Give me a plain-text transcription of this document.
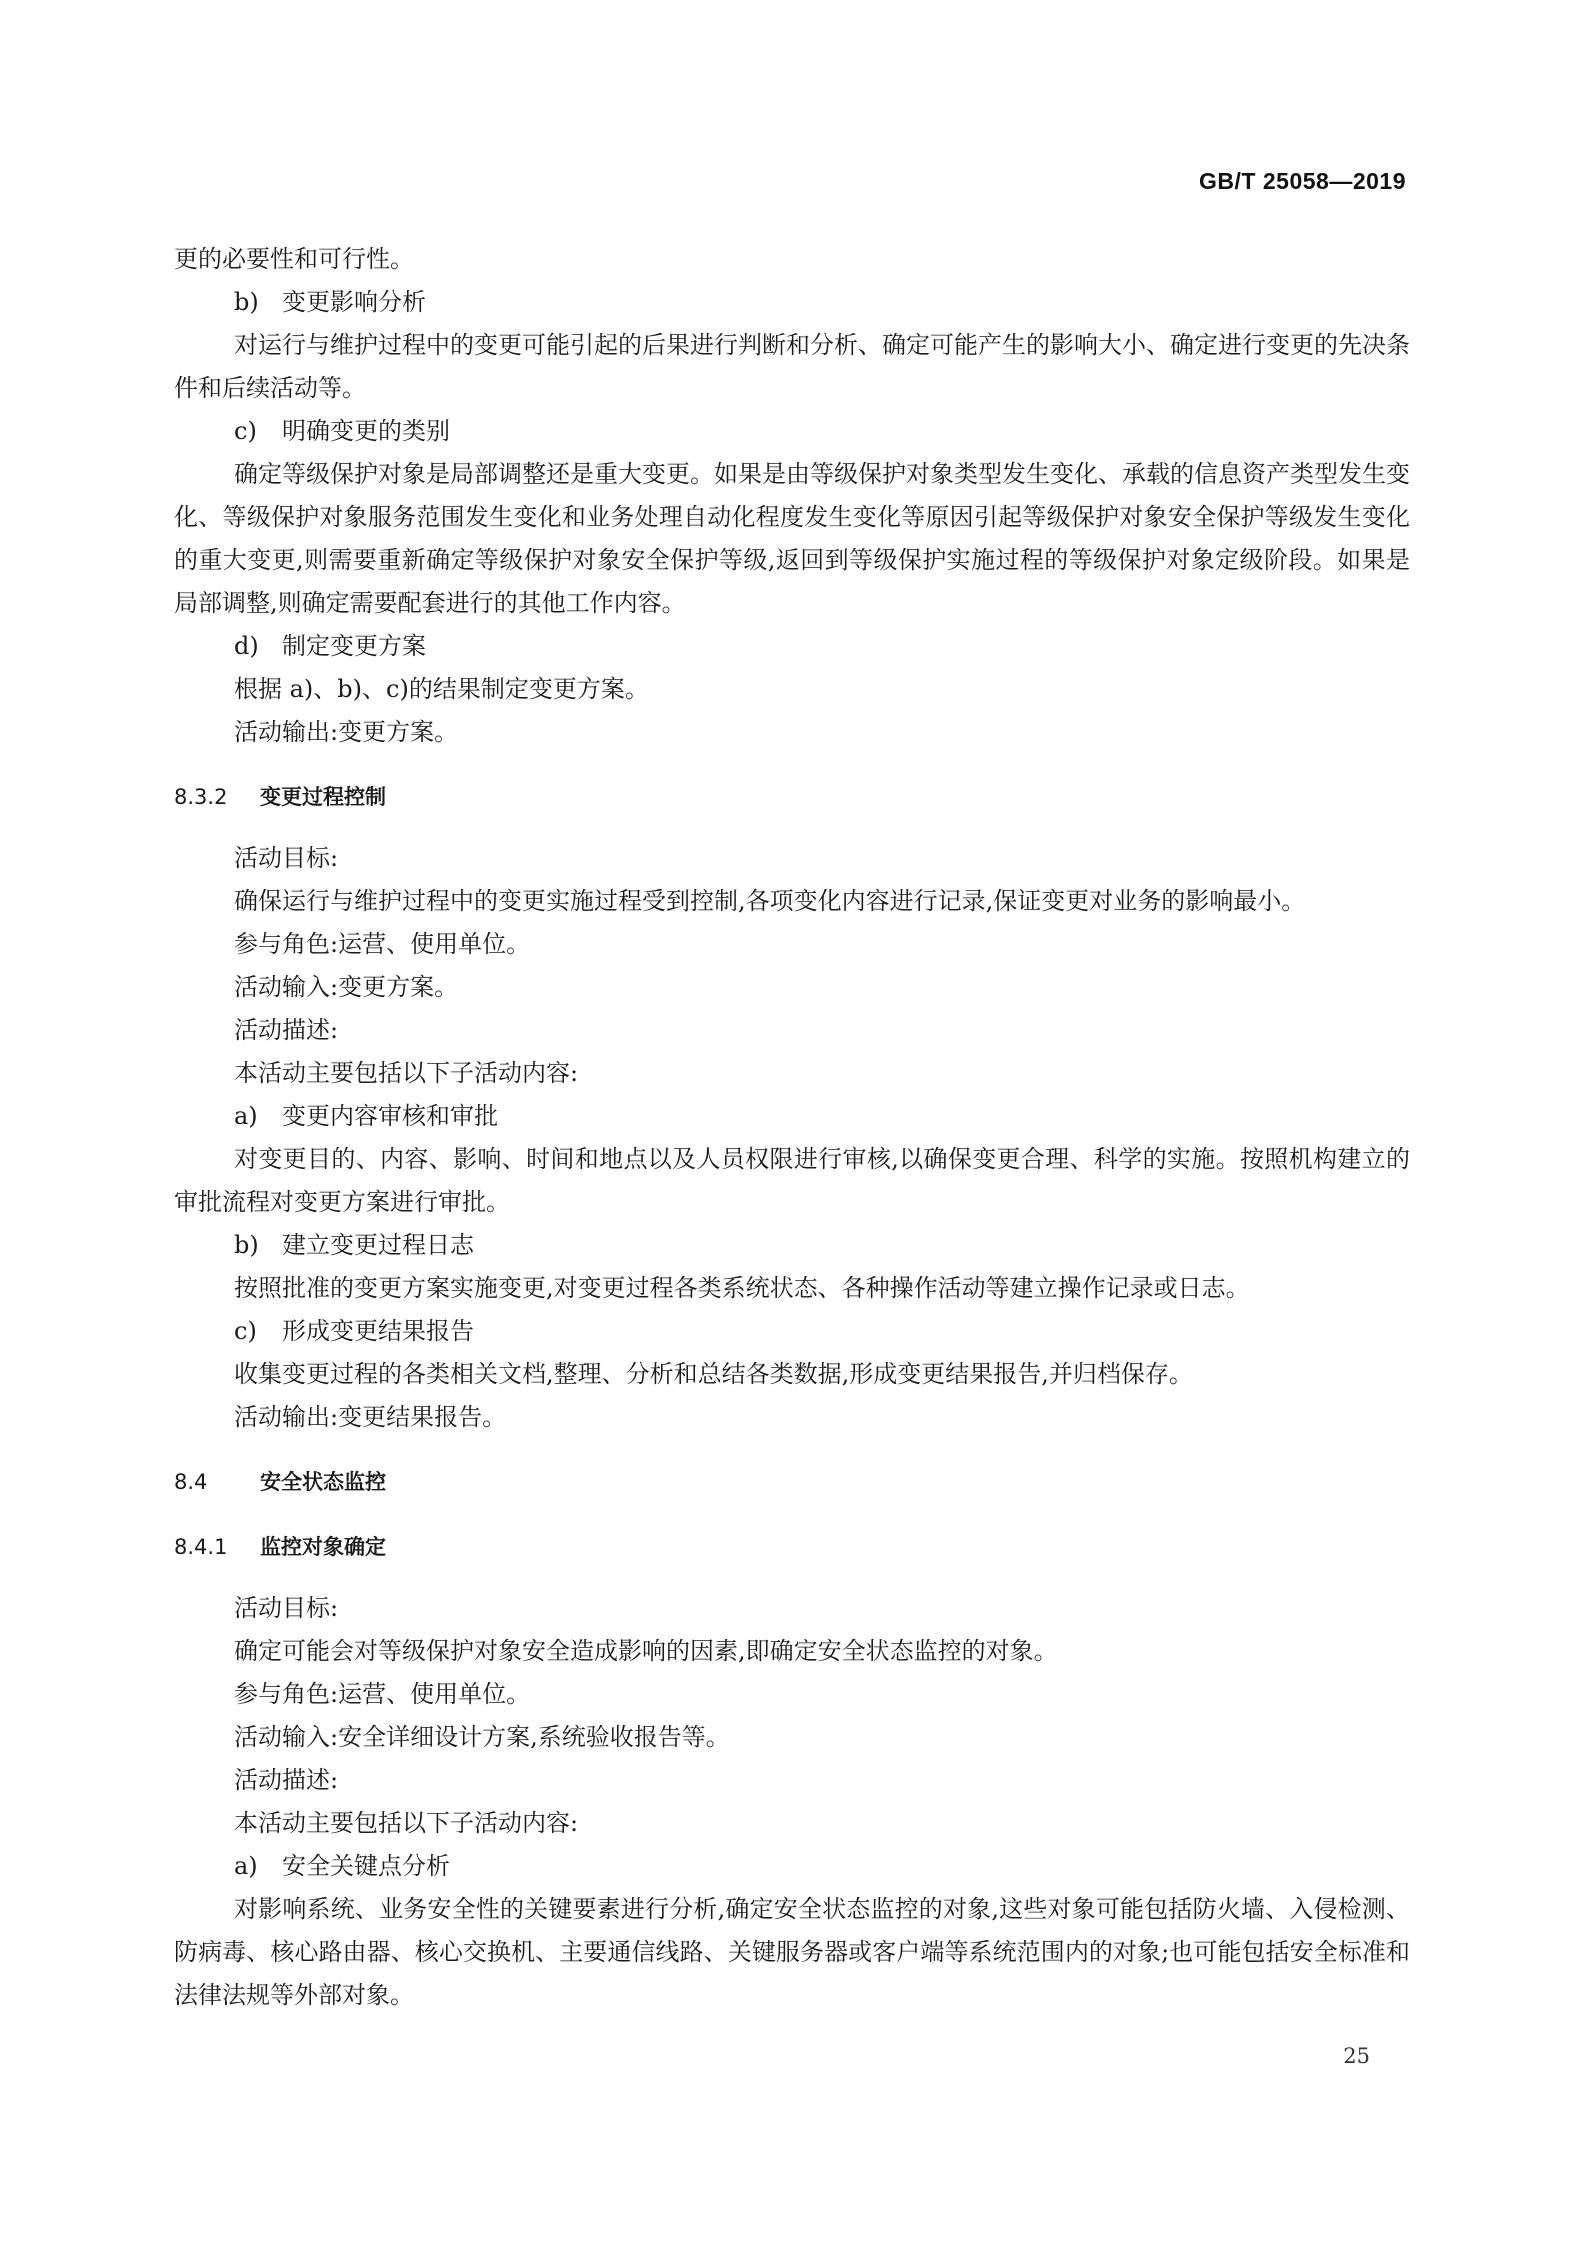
GB/T 25058—2019

更的必要性和可行性。

b) 变更影响分析

对运行与维护过程中的变更可能引起的后果进行判断和分析、确定可能产生的影响大小、确定进行变更的先决条件和后续活动等。

c) 明确变更的类别

确定等级保护对象是局部调整还是重大变更。如果是由等级保护对象类型发生变化、承载的信息资产类型发生变化、等级保护对象服务范围发生变化和业务处理自动化程度发生变化等原因引起等级保护对象安全保护等级发生变化的重大变更,则需要重新确定等级保护对象安全保护等级,返回到等级保护实施过程的等级保护对象定级阶段。如果是局部调整,则确定需要配套进行的其他工作内容。

d) 制定变更方案

根据 a)、b)、c)的结果制定变更方案。

活动输出:变更方案。

8.3.2 变更过程控制

活动目标:

确保运行与维护过程中的变更实施过程受到控制,各项变化内容进行记录,保证变更对业务的影响最小。

参与角色:运营、使用单位。

活动输入:变更方案。

活动描述:

本活动主要包括以下子活动内容:

a) 变更内容审核和审批

对变更目的、内容、影响、时间和地点以及人员权限进行审核,以确保变更合理、科学的实施。按照机构建立的审批流程对变更方案进行审批。

b) 建立变更过程日志

按照批准的变更方案实施变更,对变更过程各类系统状态、各种操作活动等建立操作记录或日志。

c) 形成变更结果报告

收集变更过程的各类相关文档,整理、分析和总结各类数据,形成变更结果报告,并归档保存。

活动输出:变更结果报告。

8.4	安全状态监控
8.4.1 监控对象确定

活动目标:

确定可能会对等级保护对象安全造成影响的因素,即确定安全状态监控的对象。

参与角色:运营、使用单位。

活动输入:安全详细设计方案,系统验收报告等。

活动描述:

本活动主要包括以下子活动内容:

a) 安全关键点分析

对影响系统、业务安全性的关键要素进行分析,确定安全状态监控的对象,这些对象可能包括防火墙、入侵检测、防病毒、核心路由器、核心交换机、主要通信线路、关键服务器或客户端等系统范围内的对象;也可能包括安全标准和法律法规等外部对象。

25
